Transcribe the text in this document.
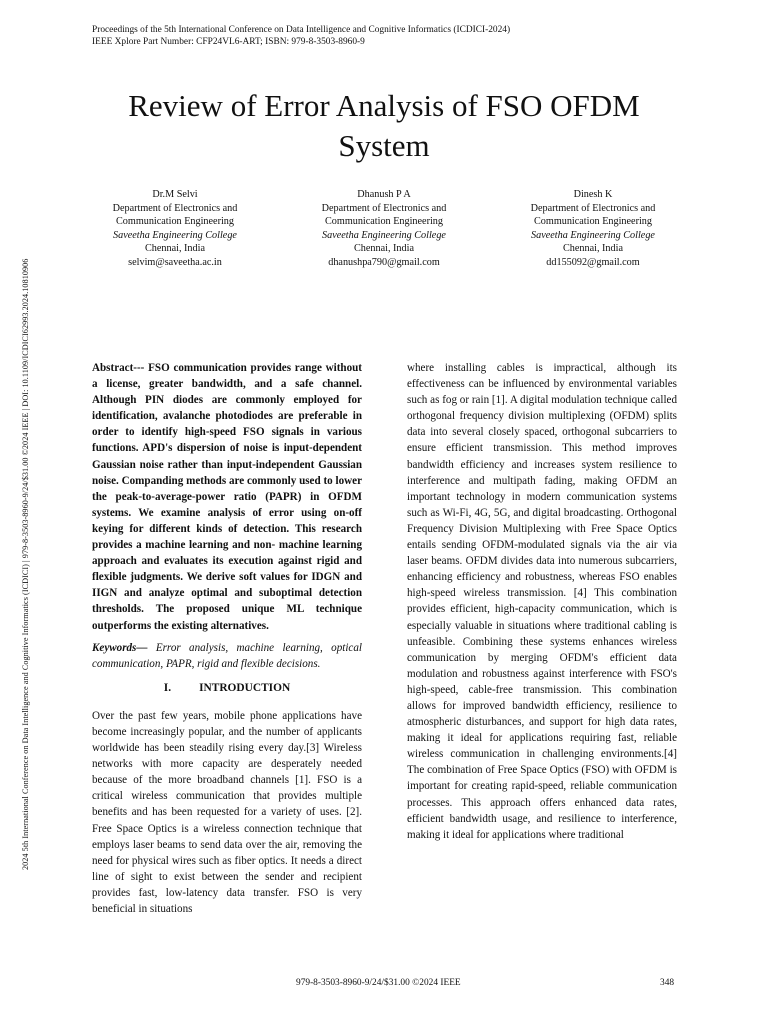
Proceedings of the 5th International Conference on Data Intelligence and Cognitive Informatics (ICDICI-2024)
IEEE Xplore Part Number: CFP24VL6-ART; ISBN: 979-8-3503-8960-9
2024 5th International Conference on Data Intelligence and Cognitive Informatics (ICDICI) | 979-8-3503-8960-9/24/$31.00 ©2024 IEEE | DOI: 10.1109/ICDICI62993.2024.10810906
Review of Error Analysis of FSO OFDM
System
Dr.M Selvi
Department of Electronics and
Communication Engineering
Saveetha Engineering College
Chennai, India
selvim@saveetha.ac.in
Dhanush P A
Department of Electronics and
Communication Engineering
Saveetha Engineering College
Chennai, India
dhanushpa790@gmail.com
Dinesh K
Department of Electronics and
Communication Engineering
Saveetha Engineering College
Chennai, India
dd155092@gmail.com

Abstract--- FSO communication provides range without a license, greater bandwidth, and a safe channel. Although PIN diodes are commonly employed for identification, avalanche photodiodes are preferable in order to identify high-speed FSO signals in various functions. APD's dispersion of noise is input-dependent Gaussian noise rather than input-independent Gaussian noise. Companding methods are commonly used to lower the peak-to-average-power ratio (PAPR) in OFDM systems. We examine analysis of error using on-off keying for different kinds of detection. This research provides a machine learning and non- machine learning approach and evaluates its execution against rigid and flexible judgments. We derive soft values for IDGN and IIGN and analyze optimal and suboptimal detection thresholds. The proposed unique ML technique outperforms the existing alternatives.

Keywords— Error analysis, machine learning, optical communication, PAPR, rigid and flexible decisions.

I. INTRODUCTION

Over the past few years, mobile phone applications have become increasingly popular, and the number of applicants worldwide has been steadily rising every day.[3] Wireless networks with more capacity are desperately needed because of the more broadband channels [1]. FSO is a critical wireless communication that provides multiple benefits and has been requested for a variety of uses. [2]. Free Space Optics is a wireless connection technique that employs laser beams to send data over the air, removing the need for physical wires such as fiber optics. It needs a direct line of sight to exist between the sender and recipient provides fast, low-latency data transfer. FSO is very beneficial in situations

where installing cables is impractical, although its effectiveness can be influenced by environmental variables such as fog or rain [1]. A digital modulation technique called orthogonal frequency division multiplexing (OFDM) splits data into several closely spaced, orthogonal subcarriers to ensure efficient transmission. This method improves bandwidth efficiency and increases system resilience to interference and multipath fading, making OFDM an important technology in modern communication systems such as Wi-Fi, 4G, 5G, and digital broadcasting. Orthogonal Frequency Division Multiplexing with Free Space Optics entails sending OFDM-modulated signals via the air via laser beams. OFDM divides data into numerous subcarriers, enhancing efficiency and robustness, whereas FSO enables high-speed wireless transmission. [4] This combination provides efficient, high-capacity communication, which is especially valuable in situations where traditional cabling is unfeasible. Combining these systems enhances wireless communication by merging OFDM's efficient data modulation and robustness against interference with FSO's high-speed, cable-free transmission. This combination allows for improved bandwidth efficiency, resilience to atmospheric disturbances, and support for high data rates, making it ideal for applications requiring fast, reliable wireless communication in challenging environments.[4] The combination of Free Space Optics (FSO) with OFDM is important for creating rapid-speed, reliable communication processes. This approach offers enhanced data rates, efficient bandwidth usage, and resilience to interference, making it ideal for applications where traditional

979-8-3503-8960-9/24/$31.00 ©2024 IEEE	348
